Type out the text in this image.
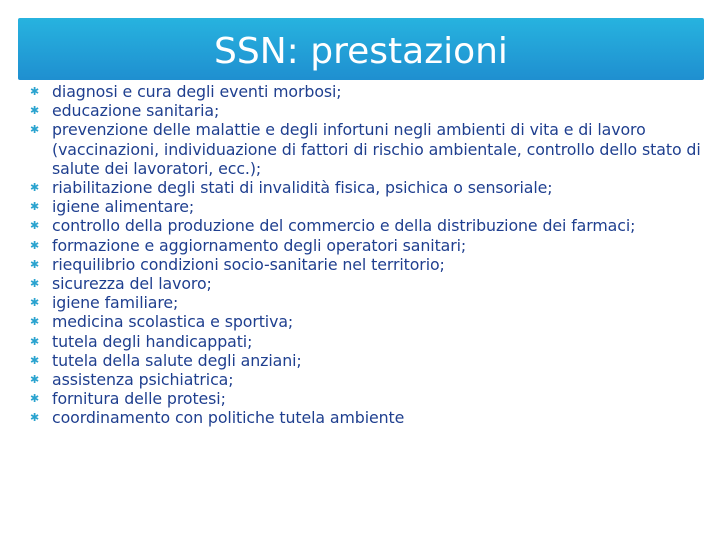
SSN: prestazioni
✱ diagnosi e cura degli eventi morbosi;
✱ educazione sanitaria;
✱ prevenzione delle malattie e degli infortuni negli ambienti di vita e di lavoro (vaccinazioni, individuazione di fattori di rischio ambientale, controllo dello stato di salute dei lavoratori, ecc.);
✱ riabilitazione degli stati di invalidità fisica, psichica o sensoriale;
✱ igiene alimentare;
✱ controllo della produzione del commercio e della distribuzione dei farmaci;
✱ formazione e aggiornamento degli operatori sanitari;
✱ riequilibrio condizioni socio-sanitarie nel territorio;
✱ sicurezza del lavoro;
✱ igiene familiare;
✱ medicina scolastica e sportiva;
✱ tutela degli handicappati;
✱ tutela della salute degli anziani;
✱ assistenza psichiatrica;
✱ fornitura delle protesi;
✱ coordinamento con politiche tutela ambiente
